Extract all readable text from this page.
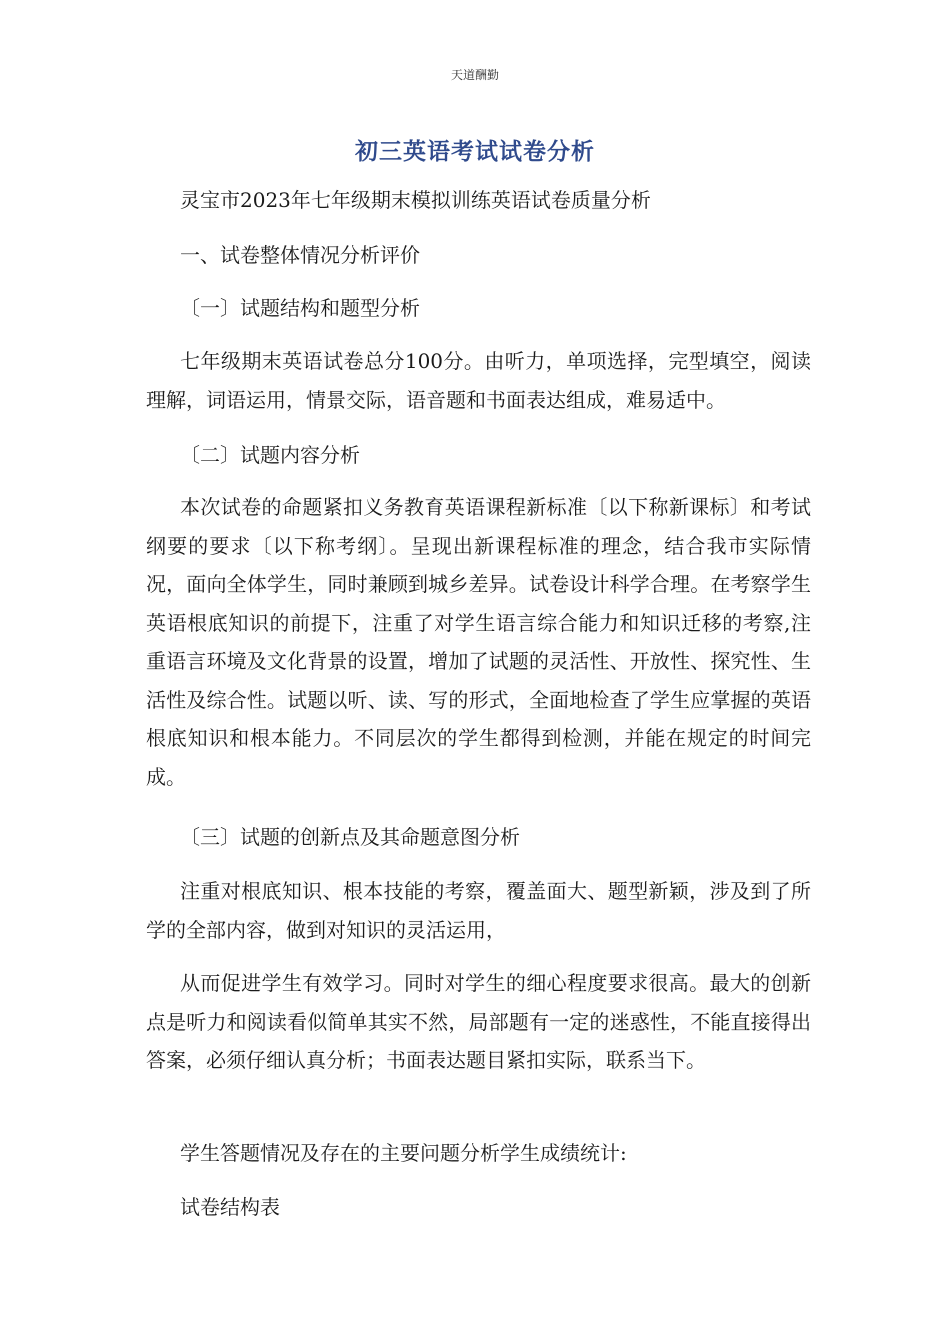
天道酬勤
初三英语考试试卷分析
灵宝市2023年七年级期末模拟训练英语试卷质量分析
一、试卷整体情况分析评价
〔一〕试题结构和题型分析
七年级期末英语试卷总分100分。由听力，单项选择，完型填空，阅读理解，词语运用，情景交际，语音题和书面表达组成，难易适中。
〔二〕试题内容分析
本次试卷的命题紧扣义务教育英语课程新标准〔以下称新课标〕和考试纲要的要求〔以下称考纲〕。呈现出新课程标准的理念，结合我市实际情况，面向全体学生，同时兼顾到城乡差异。试卷设计科学合理。在考察学生英语根底知识的前提下，注重了对学生语言综合能力和知识迁移的考察,注重语言环境及文化背景的设置，增加了试题的灵活性、开放性、探究性、生活性及综合性。试题以听、读、写的形式，全面地检查了学生应掌握的英语根底知识和根本能力。不同层次的学生都得到检测，并能在规定的时间完成。
〔三〕试题的创新点及其命题意图分析
注重对根底知识、根本技能的考察，覆盖面大、题型新颖，涉及到了所学的全部内容，做到对知识的灵活运用，
从而促进学生有效学习。同时对学生的细心程度要求很高。最大的创新点是听力和阅读看似简单其实不然，局部题有一定的迷惑性，不能直接得出答案，必须仔细认真分析；书面表达题目紧扣实际，联系当下。
学生答题情况及存在的主要问题分析学生成绩统计:
试卷结构表
